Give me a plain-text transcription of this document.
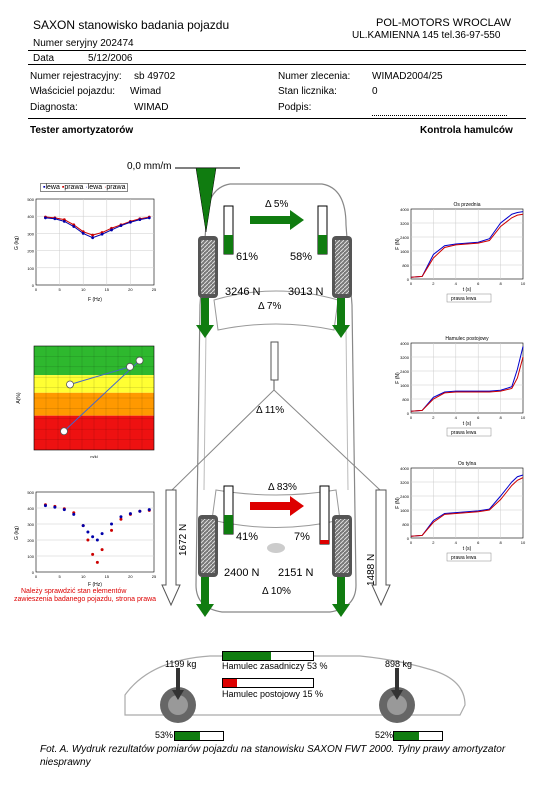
SAXON stanowisko badania pojazdu
Numer seryjny 202474
Data	5/12/2006
POL-MOTORS WROCLAW
UL.KAMIENNA 145 tel.36-97-550
Numer rejestracyjny: sb 49702
Właściciel pojazdu: Wimad
Diagnosta:	WIMAD
Numer zlecenia: WIMAD2004/25
Stan licznika:	0
Podpis:
Tester amortyzatorów	Kontrola hamulców
0,0 mm/m
Δ 5%
61%	58%
3246 N	3013 N
Δ 7%
Δ 11%
Δ 83%
41%	7%
2400 N 2151 N
Δ 10%
1672 N
1488 N
Należy sprawdzić stan elementów
zawieszenia badanego pojazdu, strona prawa
Hamulec zasadniczy 53 %
Hamulec postojowy 15 %
1199 kg	898 kg
53%	52%
▪lewa ▪prawa ·lewa ·prawa
0
0
100
5
200
10
300
15
400
20
500
25
G (kg)
F (Hz)
A(%)
m/kl
0
0
100
5
200
10
300
15
400
20
500
25
G (kg)
F (Hz)
0
0
800
2
1600
4
2400
6
3200
8
4000
10
Os przednia
F (N)
t (s)
prawa lewa
0
0
800
2
1600
4
2400
6
3200
8
4000
10
Hamulec postojowy
F (N)
t (s)
prawa lewa
0
0
800
2
1600
4
2400
6
3200
8
4000
10
Os tylna
F (N)
t (s)
prawa lewa
Fot. A. Wydruk rezultatów pomiarów pojazdu na stanowisku SAXON FWT 2000. Tylny prawy amortyzator niesprawny
